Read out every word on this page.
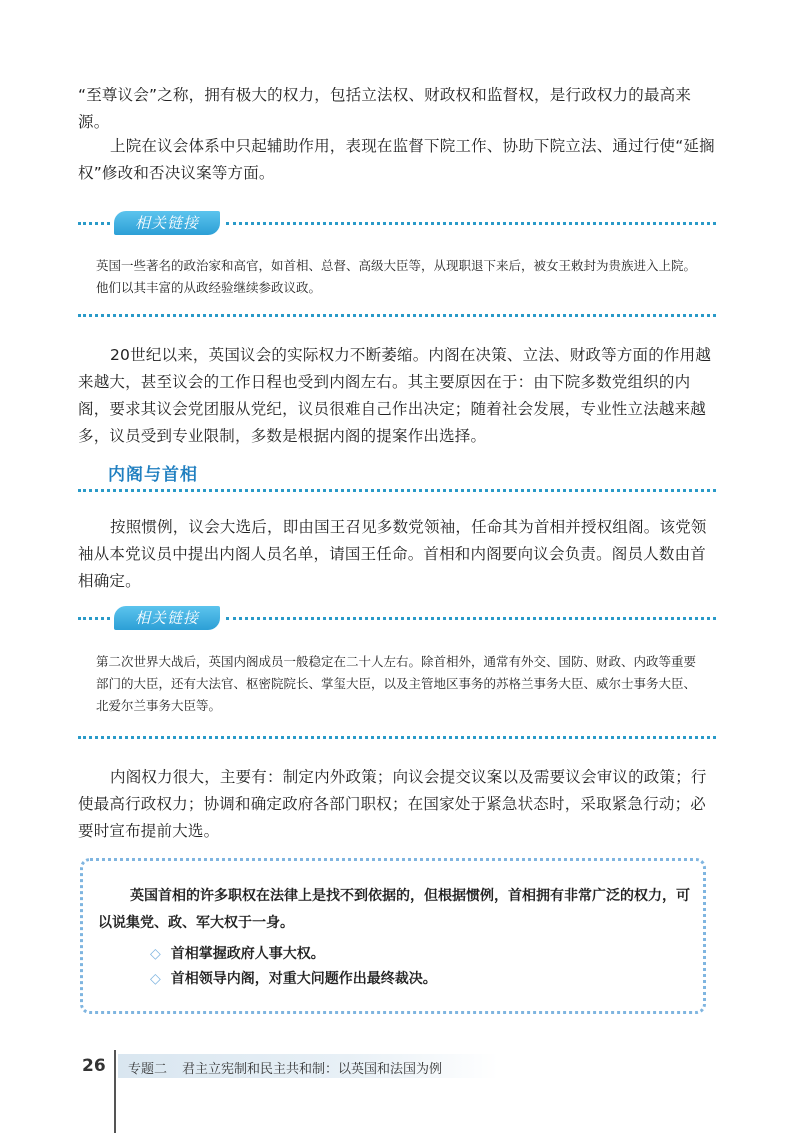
“至尊议会”之称，拥有极大的权力，包括立法权、财政权和监督权，是行政权力的最高来源。

上院在议会体系中只起辅助作用，表现在监督下院工作、协助下院立法、通过行使“延搁权”修改和否决议案等方面。

相关链接

英国一些著名的政治家和高官，如首相、总督、高级大臣等，从现职退下来后，被女王敕封为贵族进入上院。他们以其丰富的从政经验继续参政议政。

20世纪以来，英国议会的实际权力不断萎缩。内阁在决策、立法、财政等方面的作用越来越大，甚至议会的工作日程也受到内阁左右。其主要原因在于：由下院多数党组织的内阁，要求其议会党团服从党纪，议员很难自己作出决定；随着社会发展，专业性立法越来越多，议员受到专业限制，多数是根据内阁的提案作出选择。

内阁与首相

按照惯例，议会大选后，即由国王召见多数党领袖，任命其为首相并授权组阁。该党领袖从本党议员中提出内阁人员名单，请国王任命。首相和内阁要向议会负责。阁员人数由首相确定。

相关链接

第二次世界大战后，英国内阁成员一般稳定在二十人左右。除首相外，通常有外交、国防、财政、内政等重要部门的大臣，还有大法官、枢密院院长、掌玺大臣，以及主管地区事务的苏格兰事务大臣、威尔士事务大臣、北爱尔兰事务大臣等。

内阁权力很大，主要有：制定内外政策；向议会提交议案以及需要议会审议的政策；行使最高行政权力；协调和确定政府各部门职权；在国家处于紧急状态时，采取紧急行动；必要时宣布提前大选。

英国首相的许多职权在法律上是找不到依据的，但根据惯例，首相拥有非常广泛的权力，可以说集党、政、军大权于一身。

◇ 首相掌握政府人事大权。
◇ 首相领导内阁，对重大问题作出最终裁决。
26 专题二 君主立宪制和民主共和制：以英国和法国为例
